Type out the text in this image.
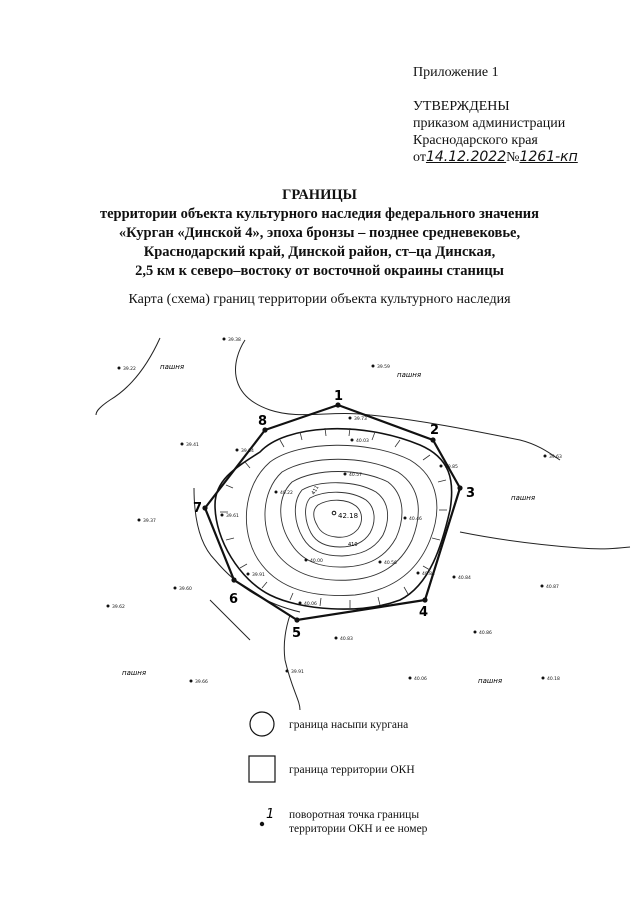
Приложение 1
УТВЕРЖДЕНЫ
приказом администрации
Краснодарского края
от14.12.2022№1261-кп
ГРАНИЦЫ
территории объекта культурного наследия федерального значения
«Курган «Динской 4», эпоха бронзы – позднее средневековье,
Краснодарский край, Динской район, ст–ца Динская,
2,5 км к северо–востоку от восточной окраины станицы
Карта (схема) границ территории объекта культурного наследия
пашня
пашня
пашня
пашня
пашня
39.38
39.22	39.59
39.73
40.03
39.41
39.84
40.57
39.63
40.22
39.85
39.37
39.61
40.46
40.00	40.56
40.84
39.91
40.84
39.60	40.87
39.62
40.06
40.83
40.86
39.91
39.66
40.06	40.18
42.18
411
410
1
2
3
4
5
6
7
8
1
граница насыпи кургана
граница территории ОКН
поворотная точка границы
территории ОКН и ее номер
